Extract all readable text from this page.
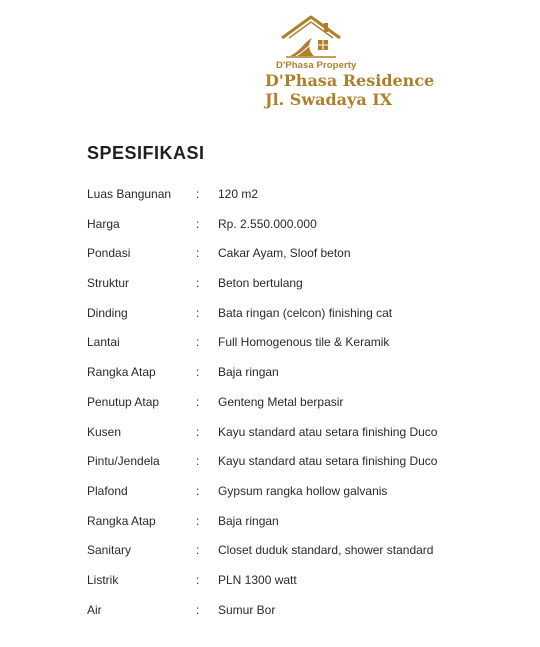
D'Phasa Property
D'Phasa Residence
Jl. Swadaya IX
SPESIFIKASI
Luas Bangunan : 120 m2
Harga	: Rp. 2.550.000.000
Pondasi	: Cakar Ayam, Sloof beton
Struktur	: Beton bertulang
Dinding	: Bata ringan (celcon) finishing cat
Lantai	: Full Homogenous tile & Keramik
Rangka Atap	: Baja ringan
Penutup Atap	: Genteng Metal berpasir
Kusen	: Kayu standard atau setara finishing Duco
Pintu/Jendela	: Kayu standard atau setara finishing Duco
Plafond	: Gypsum rangka hollow galvanis
Rangka Atap	: Baja ringan
Sanitary	: Closet duduk standard, shower standard
Listrik	: PLN 1300 watt
Air	: Sumur Bor
